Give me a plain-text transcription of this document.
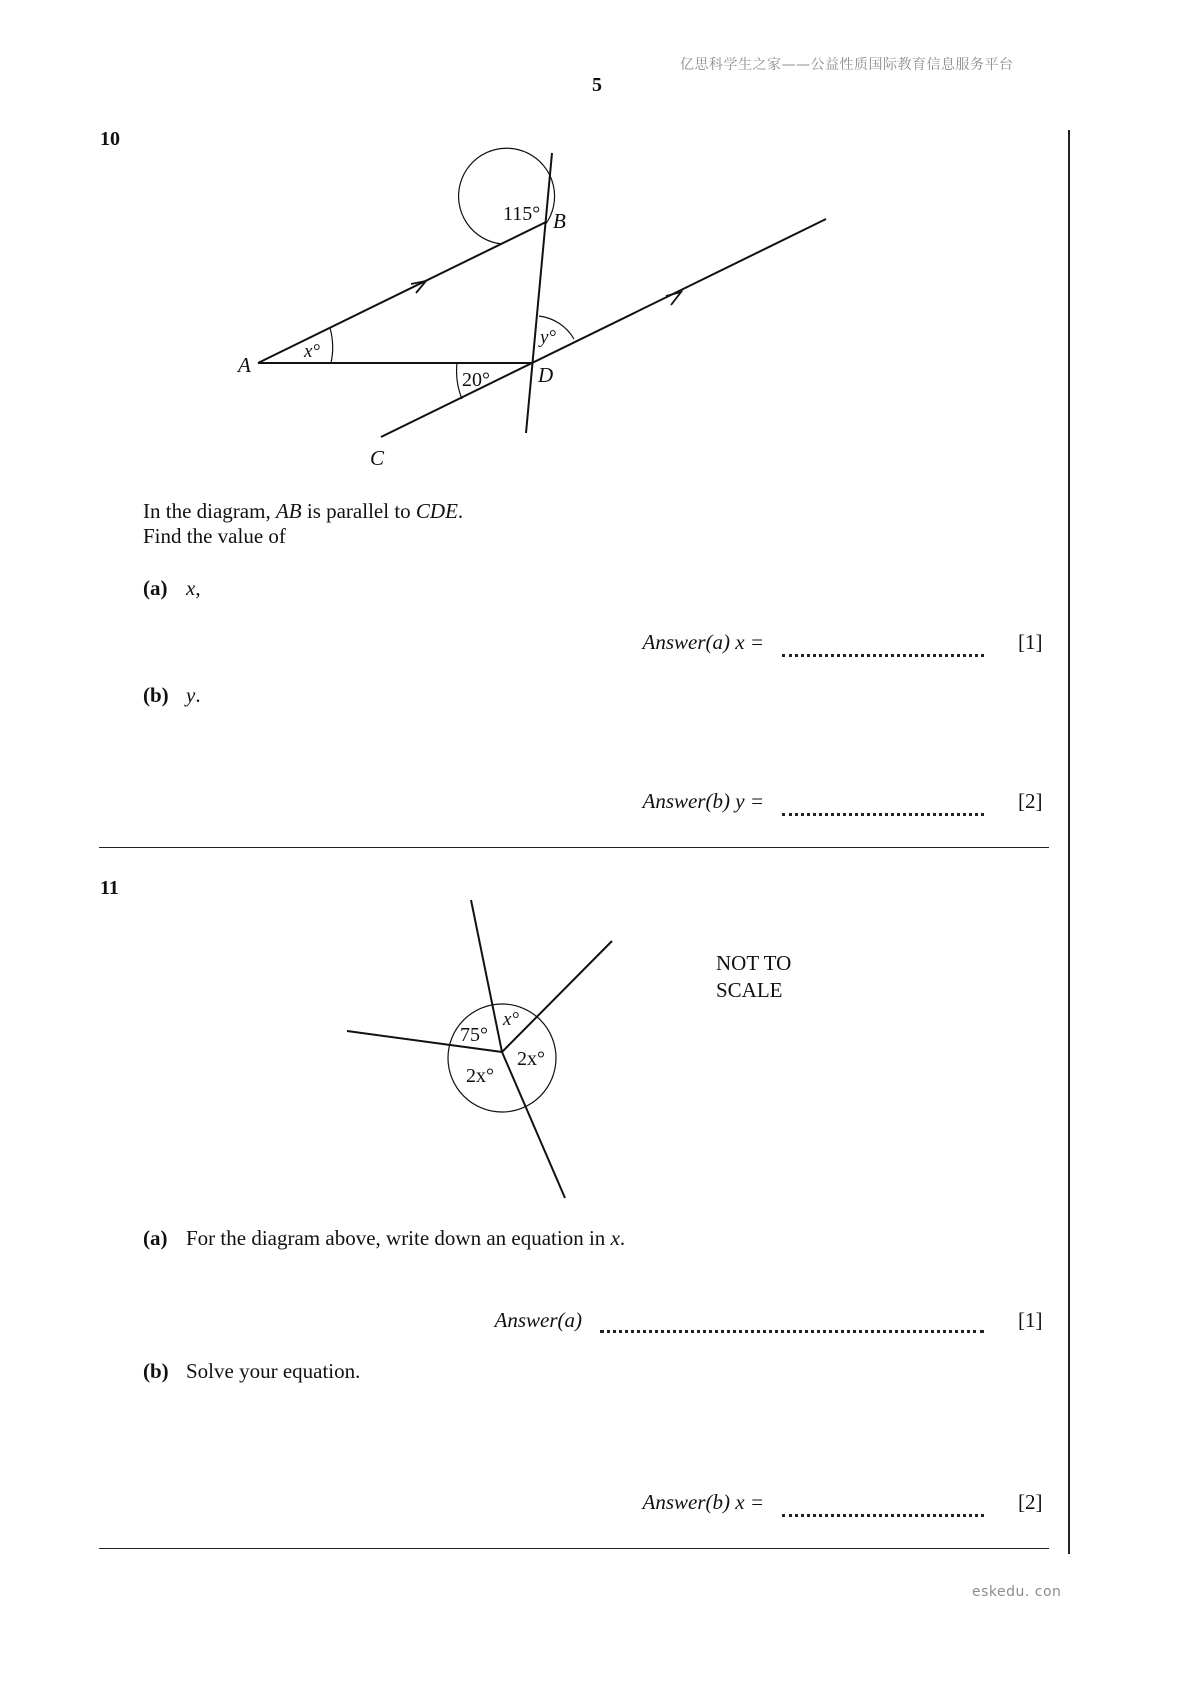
亿思科学生之家——公益性质国际教育信息服务平台
5
10
115°
x°
y°
20°
A
B
C
D
In the diagram, AB is parallel to CDE.
Find the value of
(a) x,
Answer(a) x =	[1]
(b) y.
Answer(b) y =	[2]
11
75°
x°
2x°
2x°
NOT TO
SCALE
(a) For the diagram above, write down an equation in x.
Answer(a)	[1]
(b) Solve your equation.
Answer(b) x =	[2]
eskedu. con
